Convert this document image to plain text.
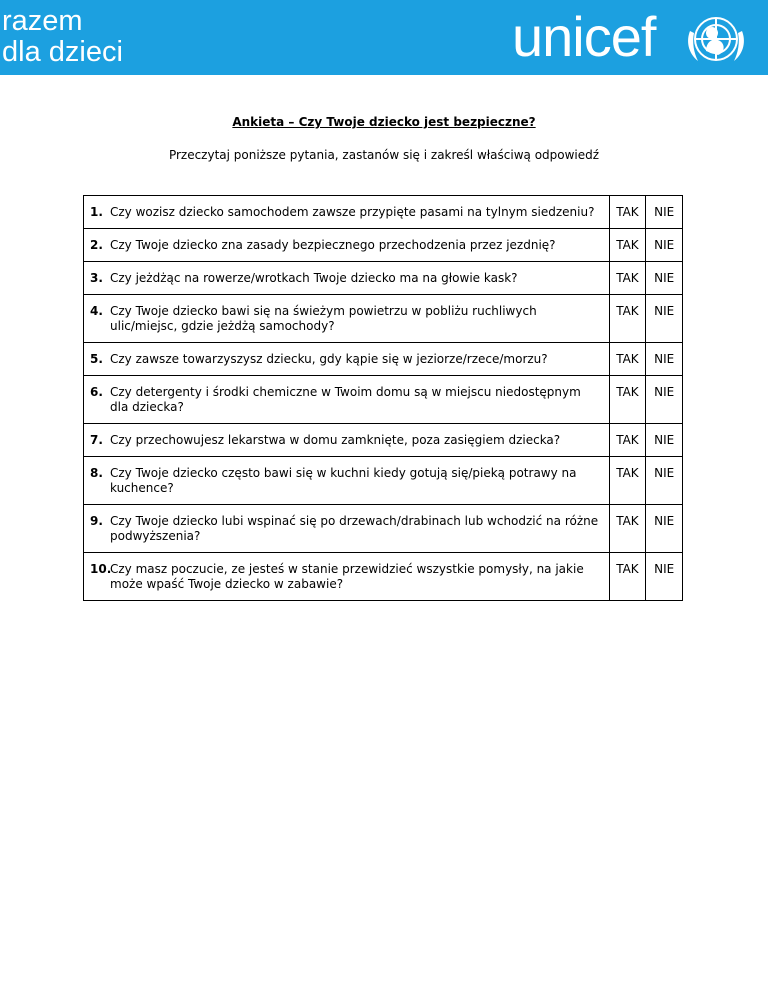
razem
dla dzieci	unicef
Ankieta – Czy Twoje dziecko jest bezpieczne?
Przeczytaj poniższe pytania, zastanów się i zakreśl właściwą odpowiedź
1. Czy wozisz dziecko samochodem zawsze przypięte pasami na tylnym siedzeniu?	TAK	NIE

2. Czy Twoje dziecko zna zasady bezpiecznego przechodzenia przez jezdnię?	TAK	NIE

3. Czy jeżdżąc na rowerze/wrotkach Twoje dziecko ma na głowie kask?	TAK	NIE

4. Czy Twoje dziecko bawi się na świeżym powietrzu w pobliżu ruchliwych ulic/miejsc, gdzie jeżdżą samochody?	TAK	NIE

5. Czy zawsze towarzyszysz dziecku, gdy kąpie się w jeziorze/rzece/morzu?	TAK	NIE

6. Czy detergenty i środki chemiczne w Twoim domu są w miejscu niedostępnym dla dziecka?	TAK	NIE

7. Czy przechowujesz lekarstwa w domu zamknięte, poza zasięgiem dziecka?	TAK	NIE

8. Czy Twoje dziecko często bawi się w kuchni kiedy gotują się/pieką potrawy na kuchence?	TAK	NIE

9. Czy Twoje dziecko lubi wspinać się po drzewach/drabinach lub wchodzić na różne podwyższenia?	TAK	NIE

10.
Czy masz poczucie, ze jesteś w stanie przewidzieć wszystkie pomysły, na jakie może wpaść Twoje dziecko w zabawie?	TAK	NIE
